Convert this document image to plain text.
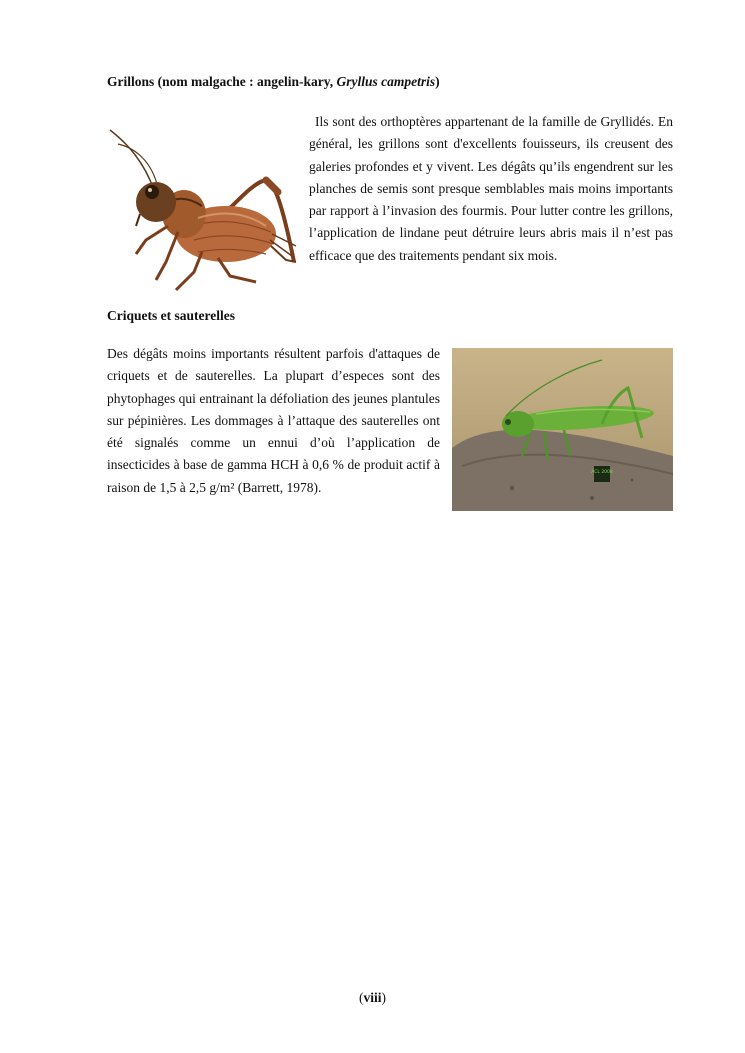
Grillons (nom malgache : angelin-kary, Gryllus campetris)

Ils sont des orthoptères appartenant de la famille de Gryllidés. En général, les grillons sont d'excellents fouisseurs, ils creusent des galeries profondes et y vivent. Les dégâts qu’ils engendrent sur les planches de semis sont presque semblables mais moins importants par rapport à l’invasion des fourmis. Pour lutter contre les grillons, l’application de lindane peut détruire leurs abris mais il n’est pas efficace que des traitements pendant six mois.

Criquets et sauterelles

Des dégâts moins importants résultent parfois d'attaques de criquets et de sauterelles. La plupart d’especes sont des phytophages qui entrainant la défoliation des jeunes plantules sur pépinières. Les dommages à l’attaque des sauterelles ont été signalés comme un ennui d’où l’application de insecticides à base de gamma HCH à 0,6 % de produit actif à raison de 1,5 à 2,5 g/m² (Barrett, 1978).

ACL 2008
(viii)
